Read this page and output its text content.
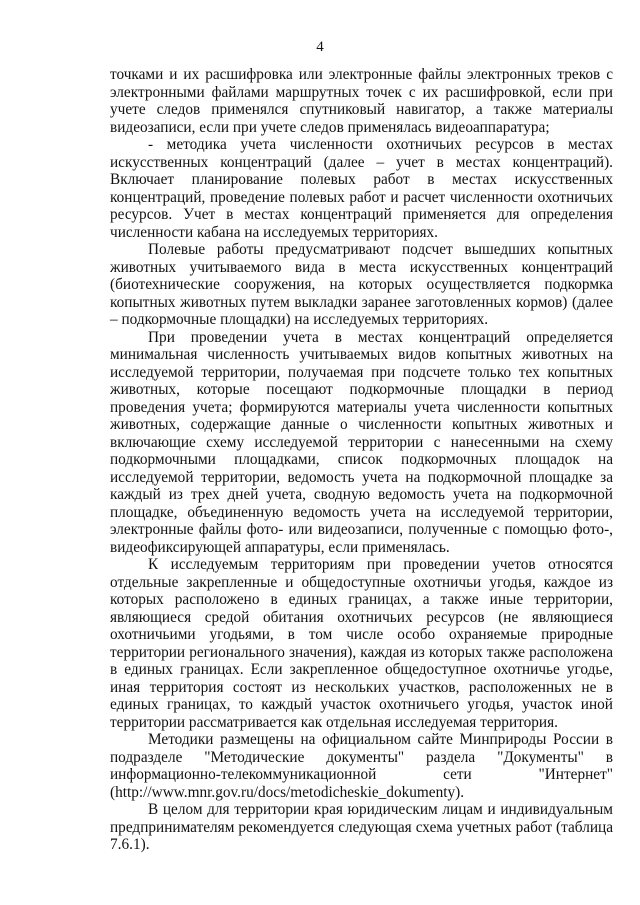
4

точками и их расшифровка или электронные файлы электронных треков с электронными файлами маршрутных точек с их расшифровкой, если при учете следов применялся спутниковый навигатор, а также материалы видеозаписи, если при учете следов применялась видеоаппаратура;

- методика учета численности охотничьих ресурсов в местах искусственных концентраций (далее – учет в местах концентраций). Включает планирование полевых работ в местах искусственных концентраций, проведение полевых работ и расчет численности охотничьих ресурсов. Учет в местах концентраций применяется для определения численности кабана на исследуемых территориях.

Полевые работы предусматривают подсчет вышедших копытных животных учитываемого вида в места искусственных концентраций (биотехнические сооружения, на которых осуществляется подкормка копытных животных путем выкладки заранее заготовленных кормов) (далее – подкормочные площадки) на исследуемых территориях.

При проведении учета в местах концентраций определяется минимальная численность учитываемых видов копытных животных на исследуемой территории, получаемая при подсчете только тех копытных животных, которые посещают подкормочные площадки в период проведения учета; формируются материалы учета численности копытных животных, содержащие данные о численности копытных животных и включающие схему исследуемой территории с нанесенными на схему подкормочными площадками, список подкормочных площадок на исследуемой территории, ведомость учета на подкормочной площадке за каждый из трех дней учета, сводную ведомость учета на подкормочной площадке, объединенную ведомость учета на исследуемой территории, электронные файлы фото- или видеозаписи, полученные с помощью фото-, видеофиксирующей аппаратуры, если применялась.

К исследуемым территориям при проведении учетов относятся отдельные закрепленные и общедоступные охотничьи угодья, каждое из которых расположено в единых границах, а также иные территории, являющиеся средой обитания охотничьих ресурсов (не являющиеся охотничьими угодьями, в том числе особо охраняемые природные территории регионального значения), каждая из которых также расположена в единых границах. Если закрепленное общедоступное охотничье угодье, иная территория состоят из нескольких участков, расположенных не в единых границах, то каждый участок охотничьего угодья, участок иной территории рассматривается как отдельная исследуемая территория.

Методики размещены на официальном сайте Минприроды России в подразделе "Методические документы" раздела "Документы" в информационно-телекоммуникационной сети "Интернет" (http://www.mnr.gov.ru/docs/metodicheskie_dokumenty).

В целом для территории края юридическим лицам и индивидуальным предпринимателям рекомендуется следующая схема учетных работ (таблица 7.6.1).
